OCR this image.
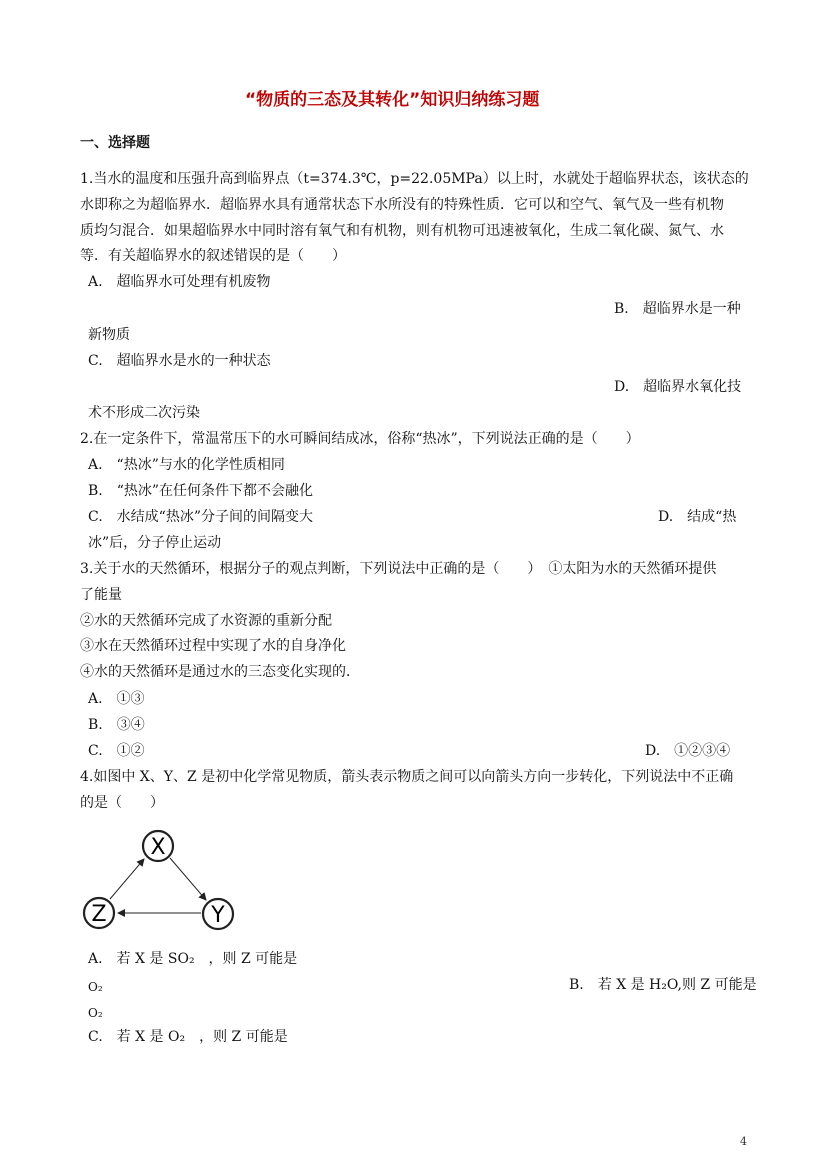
“物质的三态及其转化”知识归纳练习题
一、选择题
1.当水的温度和压强升高到临界点（t=374.3℃，p=22.05MPa）以上时，水就处于超临界状态，该状态的
水即称之为超临界水．超临界水具有通常状态下水所没有的特殊性质．它可以和空气、氧气及一些有机物
质均匀混合．如果超临界水中同时溶有氧气和有机物，则有机物可迅速被氧化，生成二氧化碳、氮气、水
等．有关超临界水的叙述错误的是（　　）
A.　超临界水可处理有机废物
B.　超临界水是一种
新物质
C.　超临界水是水的一种状态
D.　超临界水氧化技
术不形成二次污染
2.在一定条件下，常温常压下的水可瞬间结成冰，俗称“热冰”，下列说法正确的是（　　）
A.　“热冰”与水的化学性质相同
B.　“热冰”在任何条件下都不会融化
C.　水结成“热冰”分子间的间隔变大	D.　结成“热
冰”后，分子停止运动
3.关于水的天然循环，根据分子的观点判断，下列说法中正确的是（　　）　①太阳为水的天然循环提供
了能量
②水的天然循环完成了水资源的重新分配
③水在天然循环过程中实现了水的自身净化
④水的天然循环是通过水的三态变化实现的．
A.　①③
B.　③④
C.　①②	D.　①②③④
4.如图中 X、Y、Z 是初中化学常见物质，箭头表示物质之间可以向箭头方向一步转化，下列说法中不正确
的是（　　）
X
Y
Z
A.　若 X 是 SO₂　，则 Z 可能是
O₂	B.　若 X 是 H₂O,则 Z 可能是
O₂
C.　若 X 是 O₂　，则 Z 可能是
4
